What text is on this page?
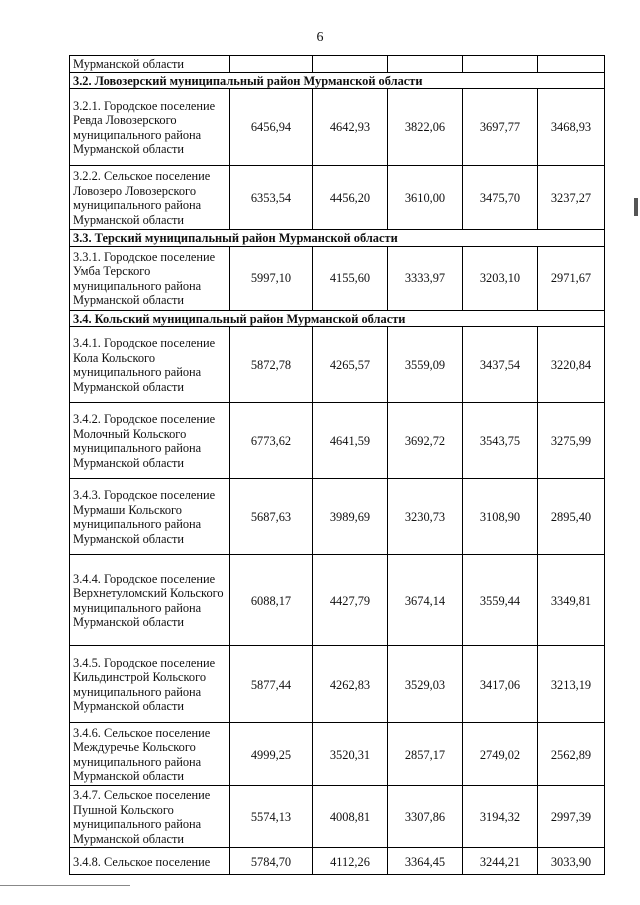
6
Мурманской области					
3.2. Ловозерский муниципальный район Мурманской области					
3.2.1. Городское поселение Ревда Ловозерского муниципального района Мурманской области	6456,94	4642,93	3822,06	3697,77	3468,93
3.2.2. Сельское поселение Ловозеро Ловозерского муниципального района Мурманской области	6353,54	4456,20	3610,00	3475,70	3237,27
3.3. Терский муниципальный район Мурманской области					
3.3.1. Городское поселение Умба Терского муниципального района Мурманской области	5997,10	4155,60	3333,97	3203,10	2971,67
3.4. Кольский муниципальный район Мурманской области					
3.4.1. Городское поселение Кола Кольского муниципального района Мурманской области	5872,78	4265,57	3559,09	3437,54	3220,84
3.4.2. Городское поселение Молочный Кольского муниципального района Мурманской области	6773,62	4641,59	3692,72	3543,75	3275,99
3.4.3. Городское поселение Мурмаши Кольского муниципального района Мурманской области	5687,63	3989,69	3230,73	3108,90	2895,40
3.4.4. Городское поселение Верхнетуломский Кольского муниципального района Мурманской области	6088,17	4427,79	3674,14	3559,44	3349,81
3.4.5. Городское поселение Кильдинстрой Кольского муниципального района Мурманской области	5877,44	4262,83	3529,03	3417,06	3213,19
3.4.6. Сельское поселение Междуречье Кольского муниципального района Мурманской области	4999,25	3520,31	2857,17	2749,02	2562,89
3.4.7. Сельское поселение Пушной Кольского муниципального района Мурманской области	5574,13	4008,81	3307,86	3194,32	2997,39
3.4.8. Сельское поселение	5784,70	4112,26	3364,45	3244,21	3033,90
